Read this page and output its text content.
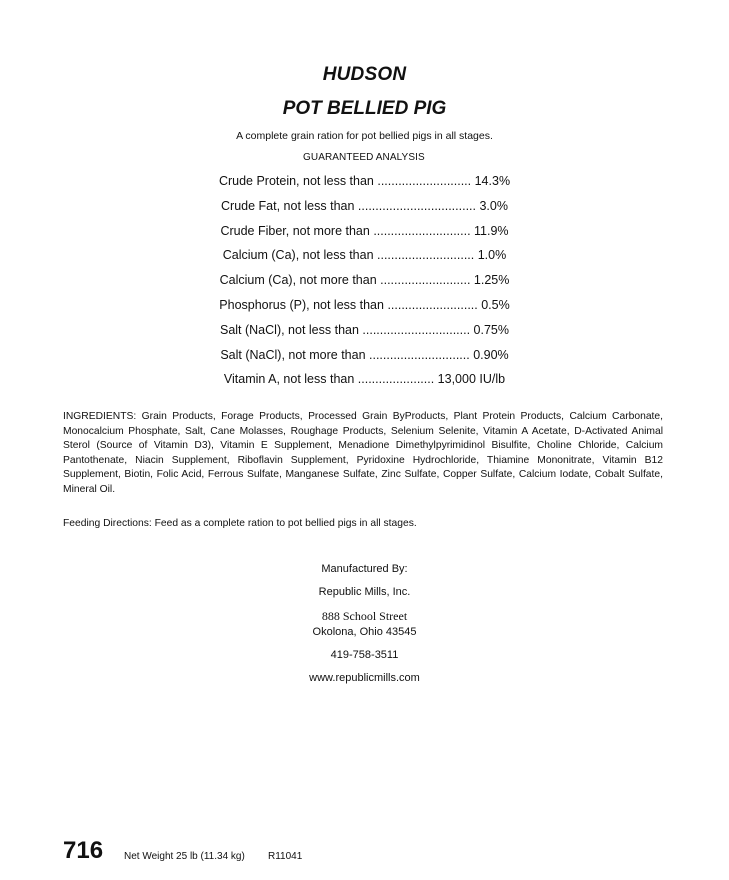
HUDSON
POT BELLIED PIG
A complete grain ration for pot bellied pigs in all stages.
GUARANTEED ANALYSIS
Crude Protein, not less than ........................... 14.3%
Crude Fat, not less than .................................. 3.0%
Crude Fiber, not more than ............................ 11.9%
Calcium (Ca), not less than ............................ 1.0%
Calcium (Ca), not more than .......................... 1.25%
Phosphorus (P), not less than .......................... 0.5%
Salt (NaCl), not less than ............................... 0.75%
Salt (NaCl), not more than ............................. 0.90%
Vitamin A, not less than ...................... 13,000 IU/lb
INGREDIENTS: Grain Products, Forage Products, Processed Grain ByProducts, Plant Protein Products, Calcium Carbonate, Monocalcium Phosphate, Salt, Cane Molasses, Roughage Products, Selenium Selenite, Vitamin A Acetate, D-Activated Animal Sterol (Source of Vitamin D3), Vitamin E Supplement, Menadione Dimethylpyrimidinol Bisulfite, Choline Chloride, Calcium Pantothenate, Niacin Supplement, Riboflavin Supplement, Pyridoxine Hydrochloride, Thiamine Mononitrate, Vitamin B12 Supplement, Biotin, Folic Acid, Ferrous Sulfate, Manganese Sulfate, Zinc Sulfate, Copper Sulfate, Calcium Iodate, Cobalt Sulfate, Mineral Oil.
Feeding Directions: Feed as a complete ration to pot bellied pigs in all stages.
Manufactured By:
Republic Mills, Inc.
888 School Street
Okolona, Ohio 43545
419-758-3511
www.republicmills.com
716 Net Weight 25 lb (11.34 kg) R11041
